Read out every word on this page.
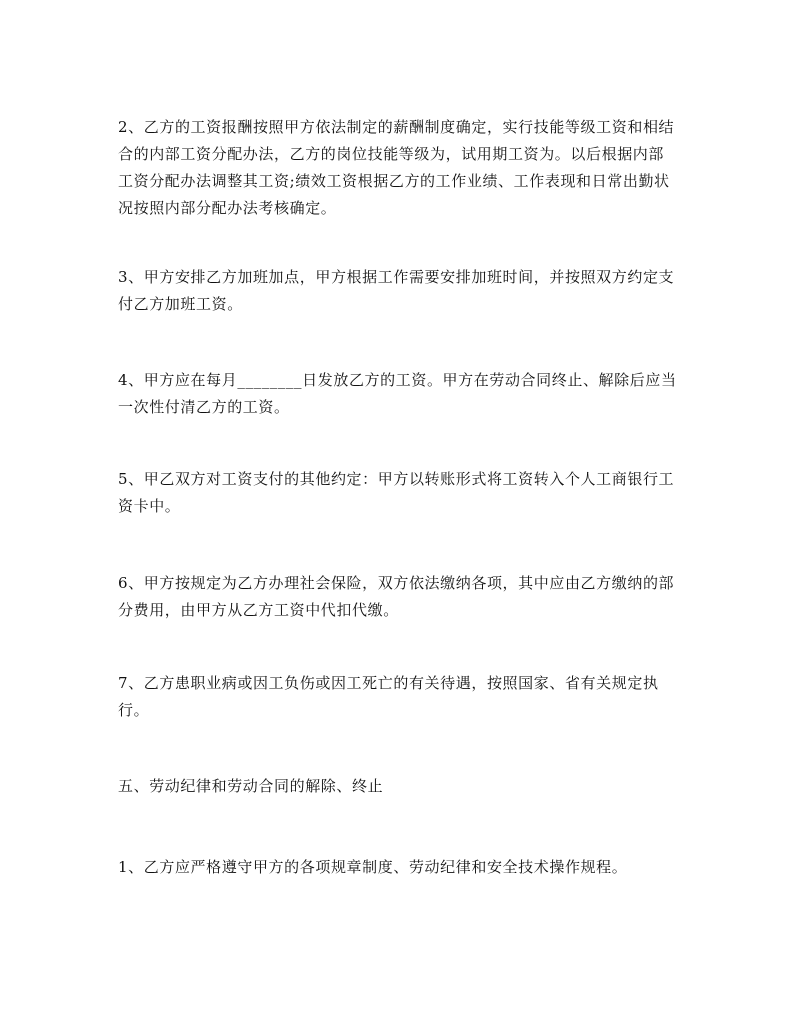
2、乙方的工资报酬按照甲方依法制定的薪酬制度确定，实行技能等级工资和相结合的内部工资分配办法，乙方的岗位技能等级为，试用期工资为。以后根据内部工资分配办法调整其工资;绩效工资根据乙方的工作业绩、工作表现和日常出勤状况按照内部分配办法考核确定。

3、甲方安排乙方加班加点，甲方根据工作需要安排加班时间，并按照双方约定支付乙方加班工资。

4、甲方应在每月________日发放乙方的工资。甲方在劳动合同终止、解除后应当一次性付清乙方的工资。

5、甲乙双方对工资支付的其他约定：甲方以转账形式将工资转入个人工商银行工资卡中。

6、甲方按规定为乙方办理社会保险，双方依法缴纳各项，其中应由乙方缴纳的部分费用，由甲方从乙方工资中代扣代缴。

7、乙方患职业病或因工负伤或因工死亡的有关待遇，按照国家、省有关规定执行。

五、劳动纪律和劳动合同的解除、终止

1、乙方应严格遵守甲方的各项规章制度、劳动纪律和安全技术操作规程。
